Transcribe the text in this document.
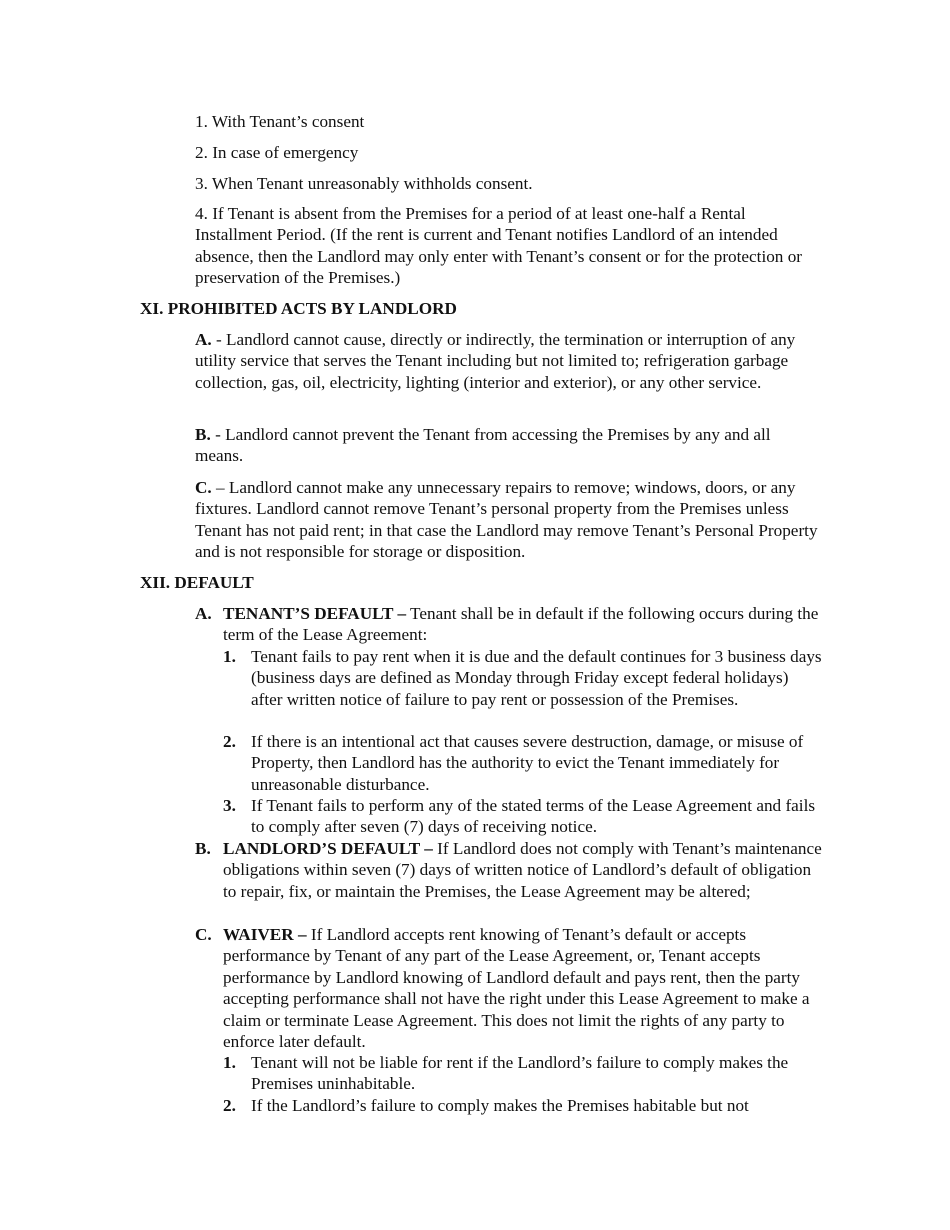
1. With Tenant’s consent

2. In case of emergency

3. When Tenant unreasonably withholds consent.

4. If Tenant is absent from the Premises for a period of at least one-half a Rental Installment Period. (If the rent is current and Tenant notifies Landlord of an intended absence, then the Landlord may only enter with Tenant’s consent or for the protection or preservation of the Premises.)

XI. PROHIBITED ACTS BY LANDLORD

A. - Landlord cannot cause, directly or indirectly, the termination or interruption of any utility service that serves the Tenant including but not limited to; refrigeration garbage collection, gas, oil, electricity, lighting (interior and exterior), or any other service.

B. - Landlord cannot prevent the Tenant from accessing the Premises by any and all means.

C. – Landlord cannot make any unnecessary repairs to remove; windows, doors, or any fixtures. Landlord cannot remove Tenant’s personal property from the Premises unless Tenant has not paid rent; in that case the Landlord may remove Tenant’s Personal Property and is not responsible for storage or disposition.

XII. DEFAULT

A. TENANT’S DEFAULT – Tenant shall be in default if the following occurs during the term of the Lease Agreement:

1. Tenant fails to pay rent when it is due and the default continues for 3 business days (business days are defined as Monday through Friday except federal holidays) after written notice of failure to pay rent or possession of the Premises.

2. If there is an intentional act that causes severe destruction, damage, or misuse of Property, then Landlord has the authority to evict the Tenant immediately for unreasonable disturbance.

3. If Tenant fails to perform any of the stated terms of the Lease Agreement and fails to comply after seven (7) days of receiving notice.

B. LANDLORD’S DEFAULT – If Landlord does not comply with Tenant’s maintenance obligations within seven (7) days of written notice of Landlord’s default of obligation to repair, fix, or maintain the Premises, the Lease Agreement may be altered;

C. WAIVER – If Landlord accepts rent knowing of Tenant’s default or accepts performance by Tenant of any part of the Lease Agreement, or, Tenant accepts performance by Landlord knowing of Landlord default and pays rent, then the party accepting performance shall not have the right under this Lease Agreement to make a claim or terminate Lease Agreement. This does not limit the rights of any party to enforce later default.

1. Tenant will not be liable for rent if the Landlord’s failure to comply makes the Premises uninhabitable.

2. If the Landlord’s failure to comply makes the Premises habitable but not
